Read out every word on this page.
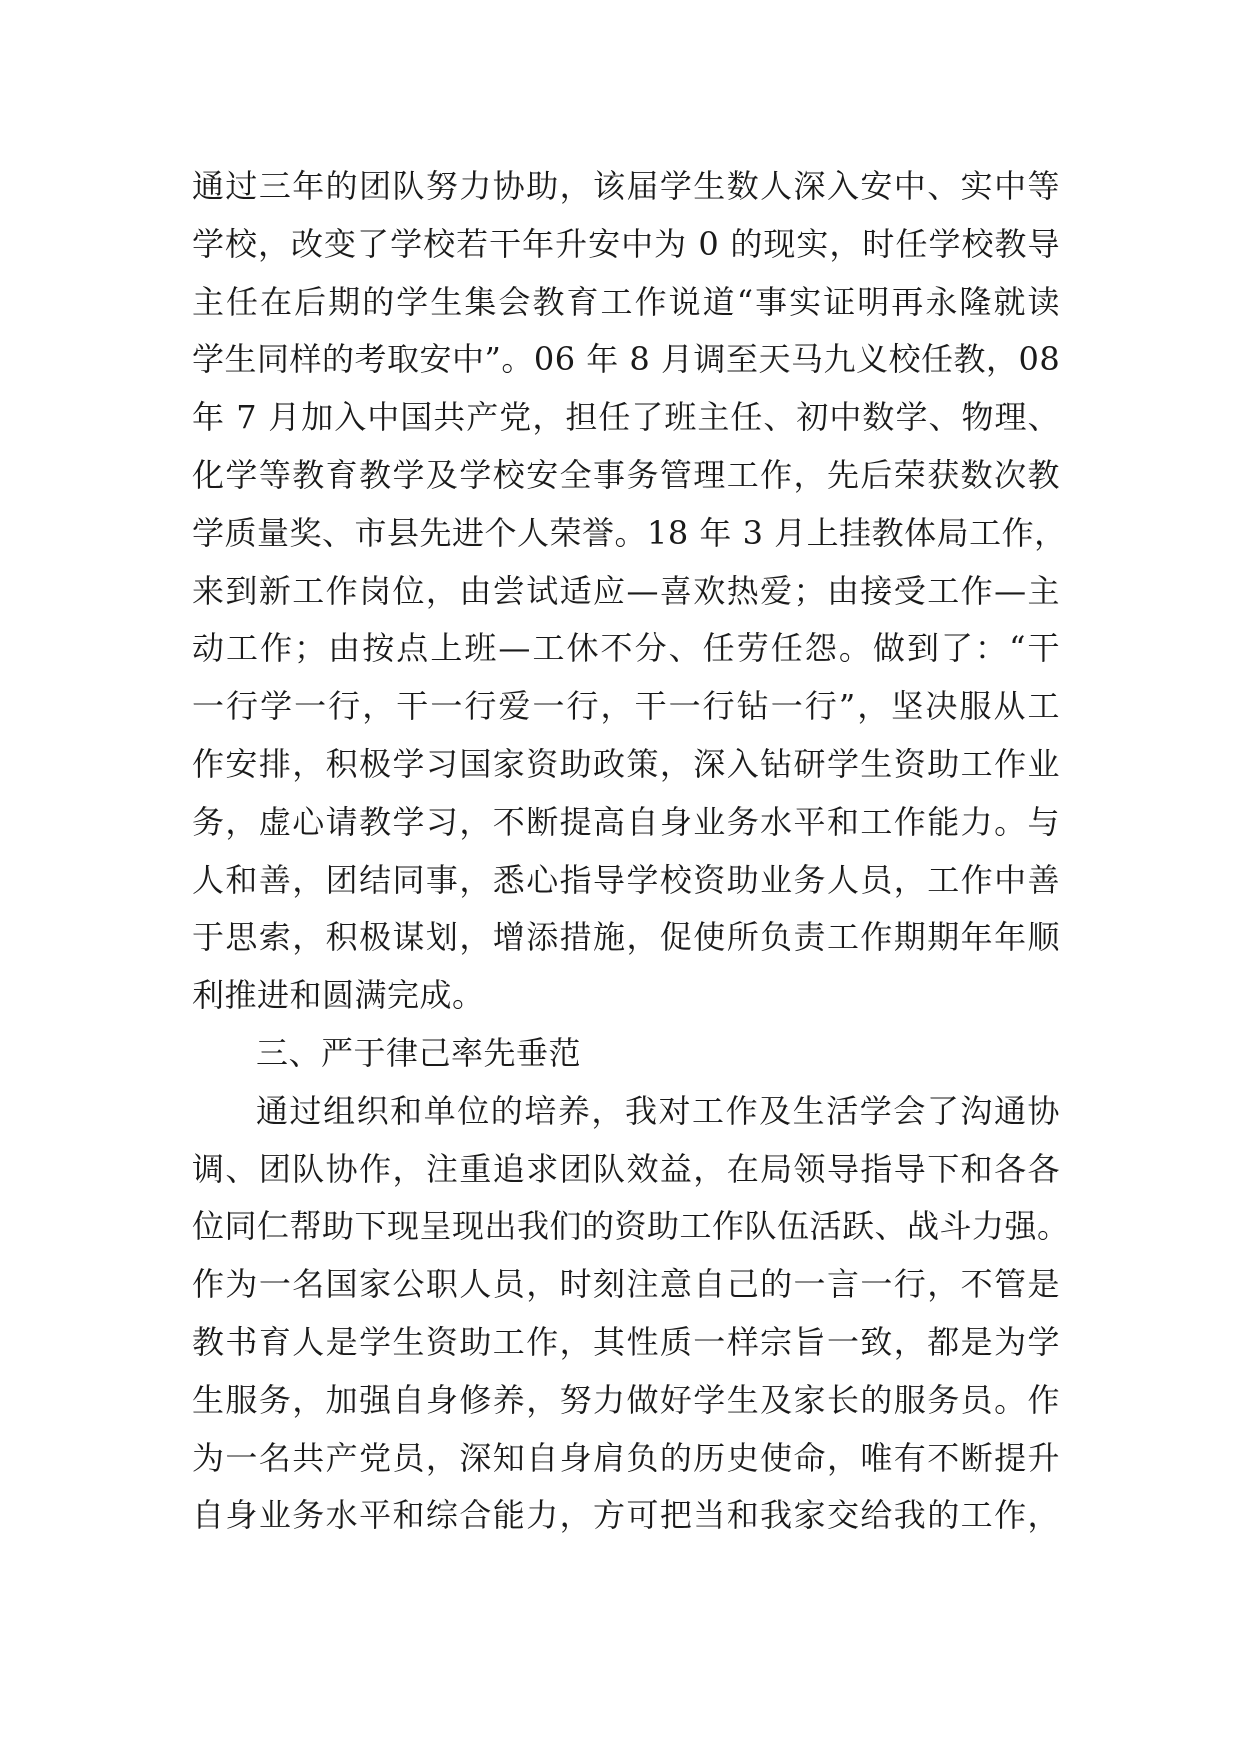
通过三年的团队努力协助，该届学生数人深入安中、实中等
学校，改变了学校若干年升安中为 0 的现实，时任学校教导
主任在后期的学生集会教育工作说道“事实证明再永隆就读
学生同样的考取安中”。06 年 8 月调至天马九义校任教，08
年 7 月加入中国共产党，担任了班主任、初中数学、物理、
化学等教育教学及学校安全事务管理工作，先后荣获数次教
学质量奖、市县先进个人荣誉。18 年 3 月上挂教体局工作，
来到新工作岗位，由尝试适应—喜欢热爱；由接受工作—主
动工作；由按点上班—工休不分、任劳任怨。做到了：“干
一行学一行，干一行爱一行，干一行钻一行”，坚决服从工
作安排，积极学习国家资助政策，深入钻研学生资助工作业
务，虚心请教学习，不断提高自身业务水平和工作能力。与
人和善，团结同事，悉心指导学校资助业务人员，工作中善
于思索，积极谋划，增添措施，促使所负责工作期期年年顺
利推进和圆满完成。
三、严于律己率先垂范
通过组织和单位的培养，我对工作及生活学会了沟通协
调、团队协作，注重追求团队效益，在局领导指导下和各各
位同仁帮助下现呈现出我们的资助工作队伍活跃、战斗力强。
作为一名国家公职人员，时刻注意自己的一言一行，不管是
教书育人是学生资助工作，其性质一样宗旨一致，都是为学
生服务，加强自身修养，努力做好学生及家长的服务员。作
为一名共产党员，深知自身肩负的历史使命，唯有不断提升
自身业务水平和综合能力，方可把当和我家交给我的工作，
